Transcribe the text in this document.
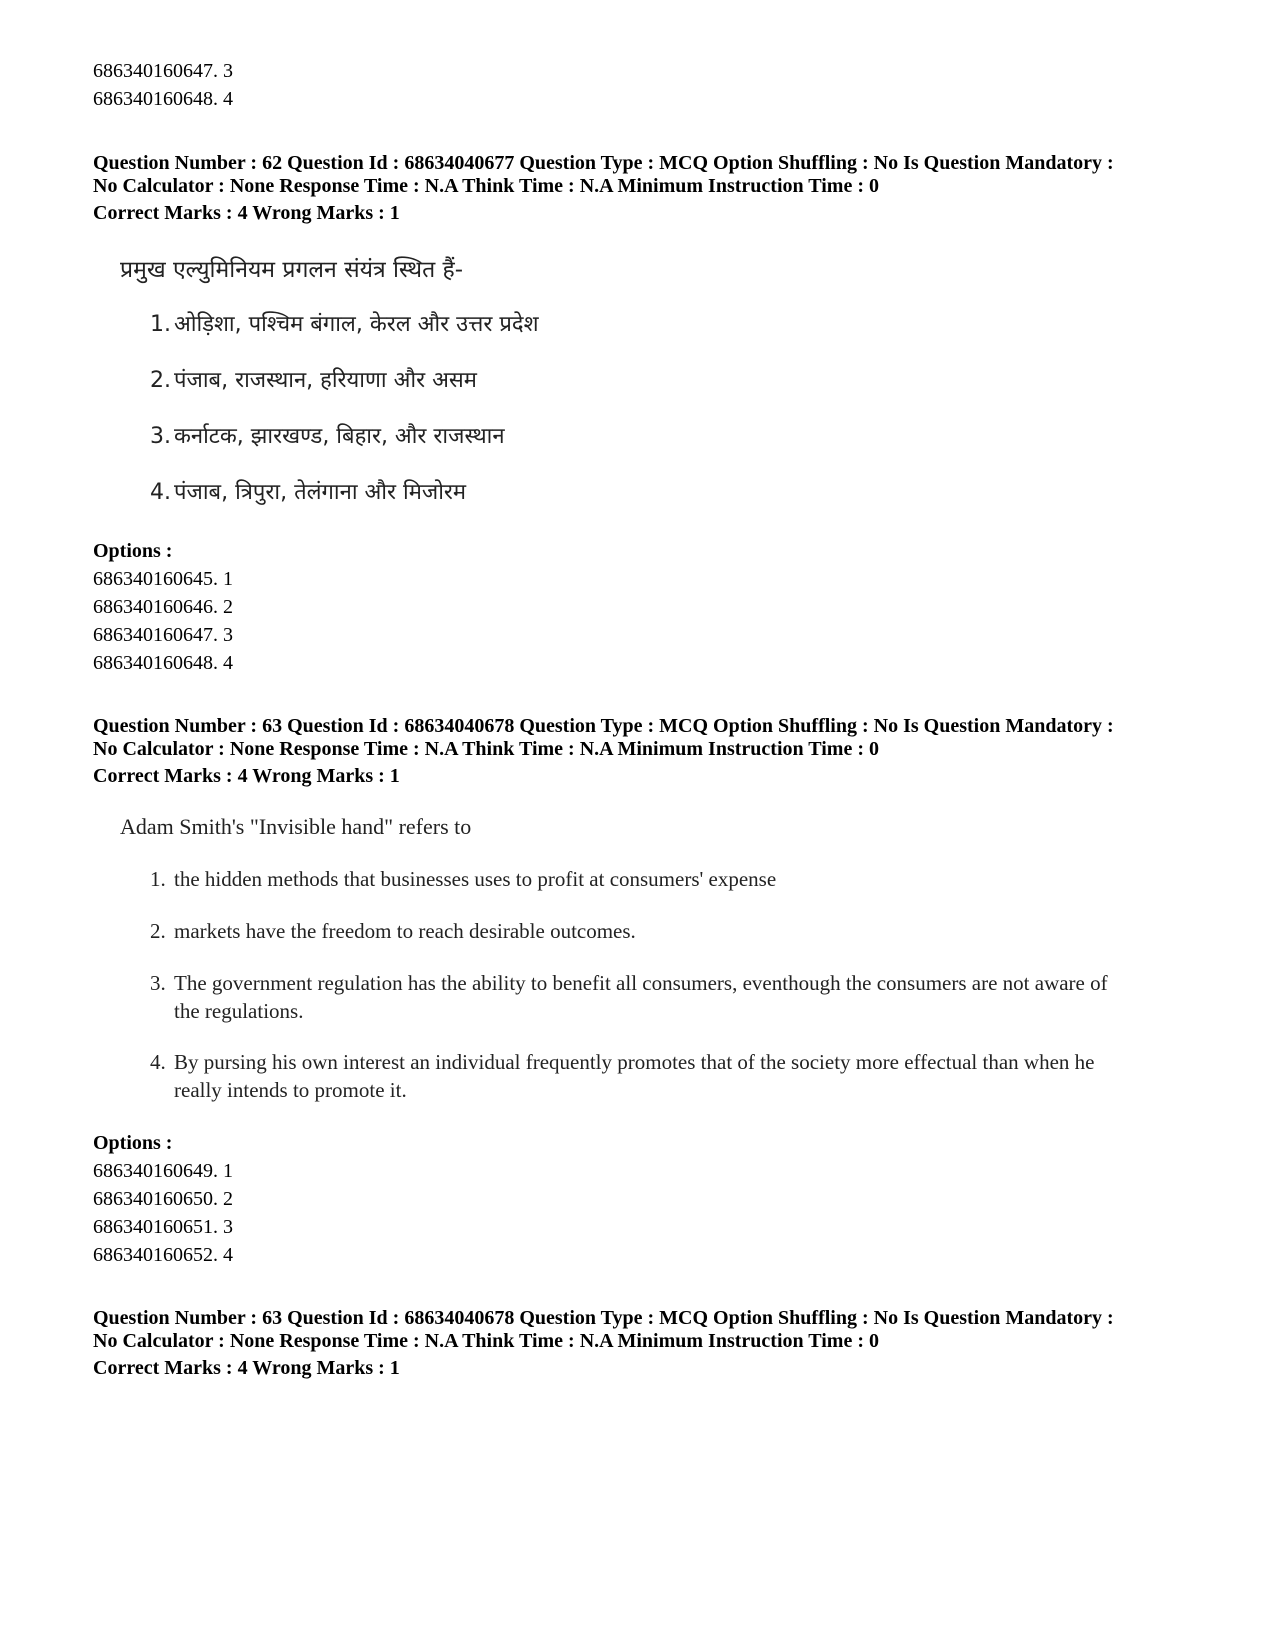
686340160647. 3
686340160648. 4
Question Number : 62 Question Id : 68634040677 Question Type : MCQ Option Shuffling : No Is Question Mandatory :
No Calculator : None Response Time : N.A Think Time : N.A Minimum Instruction Time : 0
Correct Marks : 4 Wrong Marks : 1
प्रमुख एल्युमिनियम प्रगलन संयंत्र स्थित हैं-
1. ओड़िशा, पश्चिम बंगाल, केरल और उत्तर प्रदेश
2. पंजाब, राजस्थान, हरियाणा और असम
3. कर्नाटक, झारखण्ड, बिहार, और राजस्थान
4. पंजाब, त्रिपुरा, तेलंगाना और मिजोरम
Options :
686340160645. 1
686340160646. 2
686340160647. 3
686340160648. 4
Question Number : 63 Question Id : 68634040678 Question Type : MCQ Option Shuffling : No Is Question Mandatory :
No Calculator : None Response Time : N.A Think Time : N.A Minimum Instruction Time : 0
Correct Marks : 4 Wrong Marks : 1
Adam Smith's "Invisible hand" refers to
1. the hidden methods that businesses uses to profit at consumers' expense
2. markets have the freedom to reach desirable outcomes.
3. The government regulation has the ability to benefit all consumers, eventhough the consumers are not aware of the regulations.
4. By pursing his own interest an individual frequently promotes that of the society more effectual than when he really intends to promote it.
Options :
686340160649. 1
686340160650. 2
686340160651. 3
686340160652. 4
Question Number : 63 Question Id : 68634040678 Question Type : MCQ Option Shuffling : No Is Question Mandatory :
No Calculator : None Response Time : N.A Think Time : N.A Minimum Instruction Time : 0
Correct Marks : 4 Wrong Marks : 1
